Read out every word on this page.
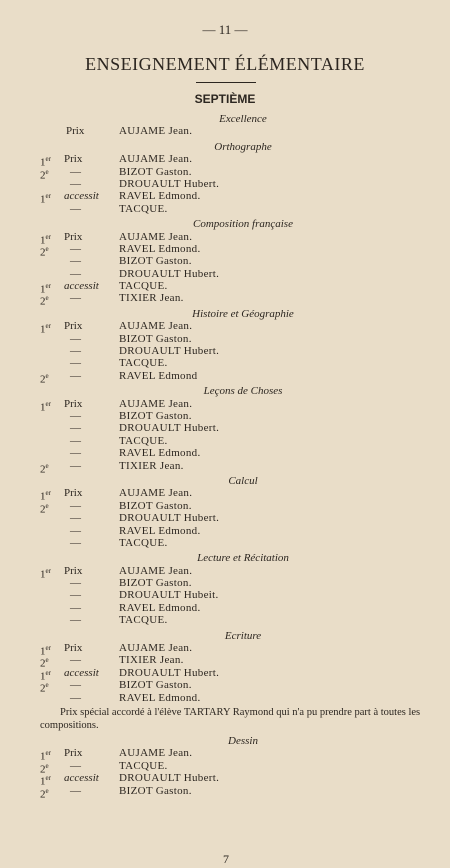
— 11 —
ENSEIGNEMENT ÉLÉMENTAIRE
SEPTIÈME
Excellence
Prix	AUJAME Jean.
Orthographe
1er Prix	AUJAME Jean.
2e —	BIZOT Gaston.
—	DROUAULT Hubert.
1er accessit RAVEL Edmond.
—	TACQUE.
Composition française
1er Prix	AUJAME Jean.
2e —	RAVEL Edmond.
—	BIZOT Gaston.
—	DROUAULT Hubert.
1er accessit TACQUE.
2e —	TIXIER Jean.
Histoire et Géographie
1er Prix	AUJAME Jean.
—	BIZOT Gaston.
—	DROUAULT Hubert.
—	TACQUE.
2e —	RAVEL Edmond
Leçons de Choses
1er Prix	AUJAME Jean.
—	BIZOT Gaston.
—	DROUAULT Hubert.
—	TACQUE.
—	RAVEL Edmond.
2e —	TIXIER Jean.
Calcul
1er Prix	AUJAME Jean.
2e —	BIZOT Gaston.
—	DROUAULT Hubert.
—	RAVEL Edmond.
—	TACQUE.
Lecture et Récitation
1er Prix	AUJAME Jean.
—	BIZOT Gaston.
—	DROUAULT Hubeit.
—	RAVEL Edmond.
—	TACQUE.
Ecriture
1er Prix	AUJAME Jean.
2e —	TIXIER Jean.
1er accessit DROUAULT Hubert.
2e —	BIZOT Gaston.
—	RAVEL Edmond.
Prix spécial accordé à l'élève TARTARY Raymond qui n'a pu prendre part à toutes les compositions.
Dessin
1er Prix	AUJAME Jean.
2e —	TACQUE.
1er accessit DROUAULT Hubert.
2e —	BIZOT Gaston.
7
